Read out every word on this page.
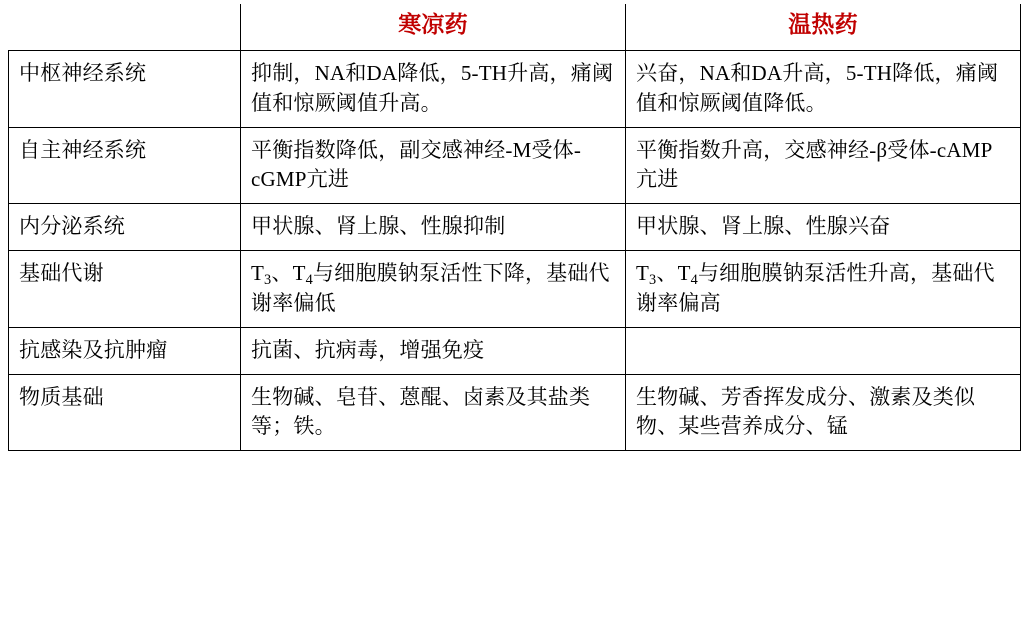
	寒凉药	温热药
中枢神经系统	抑制，NA和DA降低，5-TH升高，痛阈值和惊厥阈值升高。	兴奋，NA和DA升高，5-TH降低，痛阈值和惊厥阈值降低。
自主神经系统	平衡指数降低，副交感神经-M受体-cGMP亢进	平衡指数升高，交感神经-β受体-cAMP亢进
内分泌系统	甲状腺、肾上腺、性腺抑制	甲状腺、肾上腺、性腺兴奋
基础代谢	$T_3$、$T_4$与细胞膜钠泵活性下降，基础代谢率偏低	$T_3$、$T_4$与细胞膜钠泵活性升高，基础代谢率偏高
抗感染及抗肿瘤	抗菌、抗病毒，增强免疫	
物质基础	生物碱、皂苷、蒽醌、卤素及其盐类等；铁。	生物碱、芳香挥发成分、激素及类似物、某些营养成分、锰
